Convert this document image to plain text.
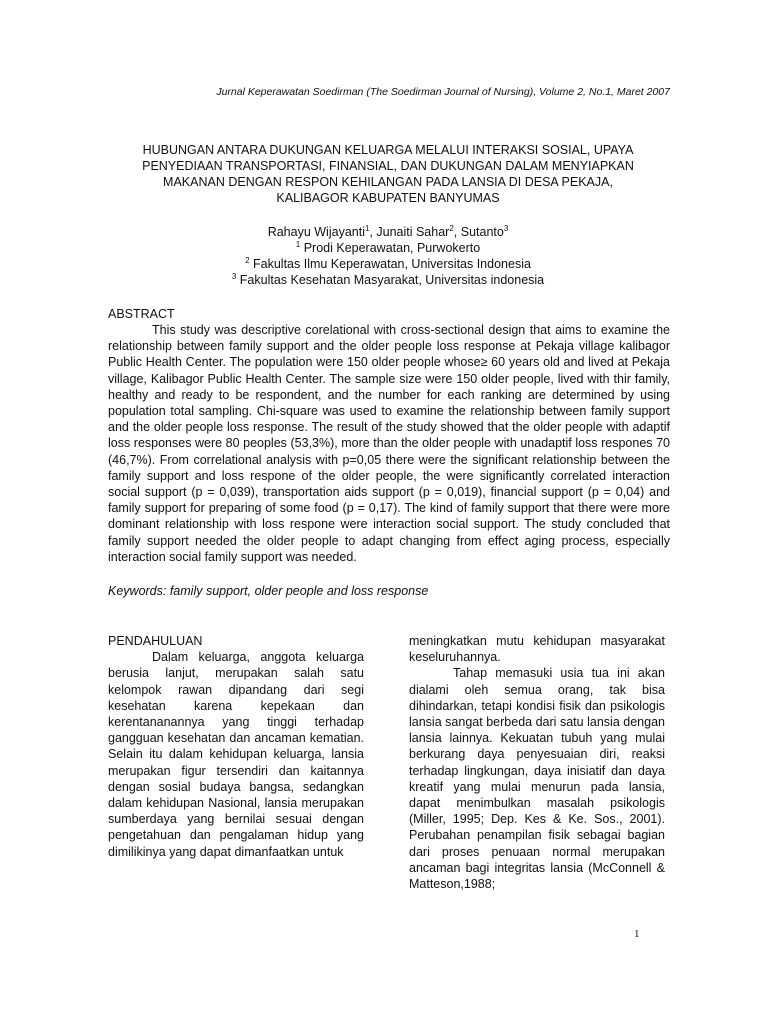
Jurnal Keperawatan Soedirman (The Soedirman Journal of Nursing), Volume 2, No.1, Maret 2007
HUBUNGAN ANTARA DUKUNGAN KELUARGA MELALUI INTERAKSI SOSIAL, UPAYA
PENYEDIAAN TRANSPORTASI, FINANSIAL, DAN DUKUNGAN DALAM MENYIAPKAN
MAKANAN DENGAN RESPON KEHILANGAN PADA LANSIA DI DESA PEKAJA,
KALIBAGOR KABUPATEN BANYUMAS
Rahayu Wijayanti$^1$, Junaiti Sahar$^2$, Sutanto$^3$
$^1$ Prodi Keperawatan, Purwokerto
$^2$ Fakultas Ilmu Keperawatan, Universitas Indonesia
$^3$ Fakultas Kesehatan Masyarakat, Universitas indonesia
ABSTRACT

This study was descriptive corelational with cross-sectional design that aims to examine the relationship between family support and the older people loss response at Pekaja village kalibagor Public Health Center. The population were 150 older people whose≥ 60 years old and lived at Pekaja village, Kalibagor Public Health Center. The sample size were 150 older people, lived with thir family, healthy and ready to be respondent, and the number for each ranking are determined by using population total sampling. Chi-square was used to examine the relationship between family support and the older people loss response. The result of the study showed that the older people with adaptif loss responses were 80 peoples (53,3%), more than the older people with unadaptif loss respones 70 (46,7%). From correlational analysis with p=0,05 there were the significant relationship between the family support and loss respone of the older people, the were significantly correlated interaction social support (p = 0,039), transportation aids support (p = 0,019), financial support (p = 0,04) and family support for preparing of some food (p = 0,17). The kind of family support that there were more dominant relationship with loss respone were interaction social support. The study concluded that family support needed the older people to adapt changing from effect aging process, especially interaction social family support was needed.

Keywords: family support, older people and loss response
PENDAHULUAN

Dalam keluarga, anggota keluarga berusia lanjut, merupakan salah satu kelompok rawan dipandang dari segi kesehatan karena kepekaan dan kerentananannya yang tinggi terhadap gangguan kesehatan dan ancaman kematian. Selain itu dalam kehidupan keluarga, lansia merupakan figur tersendiri dan kaitannya dengan sosial budaya bangsa, sedangkan dalam kehidupan Nasional, lansia merupakan sumberdaya yang bernilai sesuai dengan pengetahuan dan pengalaman hidup yang dimilikinya yang dapat dimanfaatkan untuk

meningkatkan mutu kehidupan masyarakat keseluruhannya.

Tahap memasuki usia tua ini akan dialami oleh semua orang, tak bisa dihindarkan, tetapi kondisi fisik dan psikologis lansia sangat berbeda dari satu lansia dengan lansia lainnya. Kekuatan tubuh yang mulai berkurang daya penyesuaian diri, reaksi terhadap lingkungan, daya inisiatif dan daya kreatif yang mulai menurun pada lansia, dapat menimbulkan masalah psikologis (Miller, 1995; Dep. Kes & Ke. Sos., 2001). Perubahan penampilan fisik sebagai bagian dari proses penuaan normal merupakan ancaman bagi integritas lansia (McConnell & Matteson,1988;

1
